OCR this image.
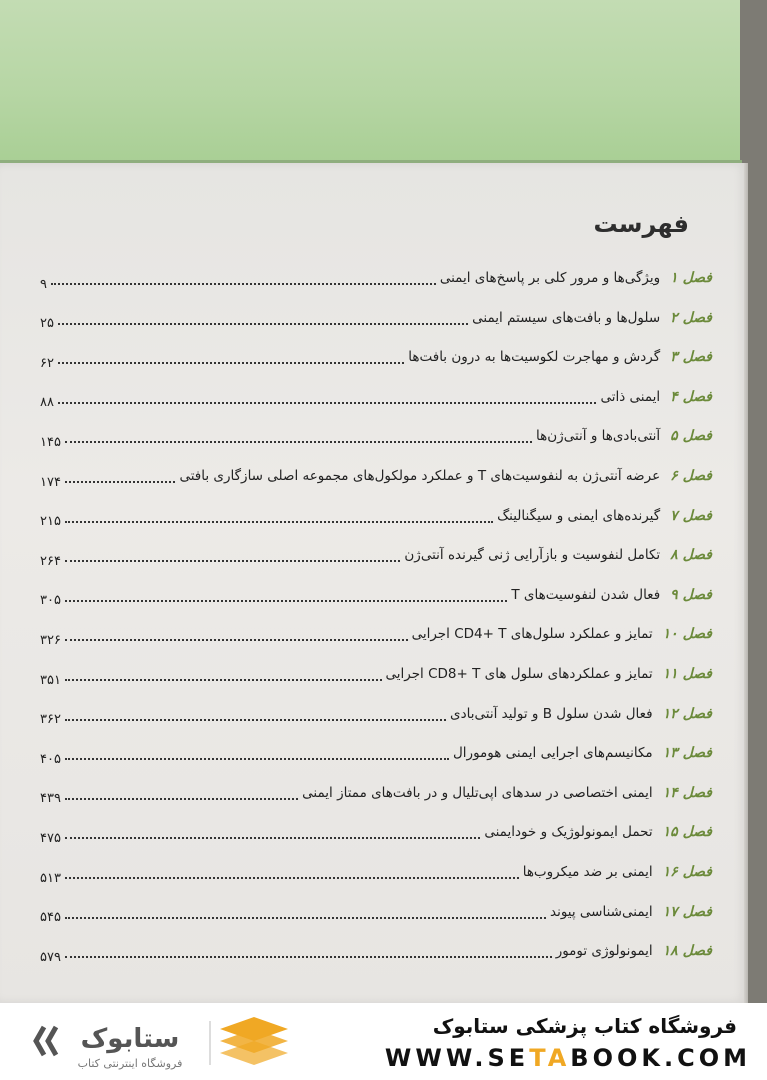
فهرست
فصل ۱
ویژگی‌ها و مرور کلی بر پاسخ‌های ایمنی
۹
فصل ۲
سلول‌ها و بافت‌های سیستم ایمنی
۲۵
فصل ۳
گردش و مهاجرت لکوسیت‌ها به درون بافت‌ها
۶۲
فصل ۴
ایمنی ذاتی
۸۸
فصل ۵
آنتی‌بادی‌ها و آنتی‌ژن‌ها
۱۴۵
فصل ۶
عرضه آنتی‌ژن به لنفوسیت‌های T و عملکرد مولکول‌های مجموعه اصلی سازگاری بافتی
۱۷۴
فصل ۷
گیرنده‌های ایمنی و سیگنالینگ
۲۱۵
فصل ۸
تکامل لنفوسیت و بازآرایی ژنی گیرنده آنتی‌ژن
۲۶۴
فصل ۹
فعال شدن لنفوسیت‌های T
۳۰۵
فصل ۱۰
تمایز و عملکرد سلول‌های CD4+ T اجرایی
۳۲۶
فصل ۱۱
تمایز و عملکردهای سلول های CD8+ T اجرایی
۳۵۱
فصل ۱۲
فعال شدن سلول B و تولید آنتی‌بادی
۳۶۲
فصل ۱۳
مکانیسم‌های اجرایی ایمنی هومورال
۴۰۵
فصل ۱۴
ایمنی اختصاصی در سدهای اپی‌تلیال و در بافت‌های ممتاز ایمنی
۴۳۹
فصل ۱۵
تحمل ایمونولوژیک و خودایمنی
۴۷۵
فصل ۱۶
ایمنی بر ضد میکروب‌ها
۵۱۳
فصل ۱۷
ایمنی‌شناسی پیوند
۵۴۵
فصل ۱۸
ایمونولوژی تومور
۵۷۹
ستابوک
فروشگاه اینترنتی کتاب
فروشگاه کتاب پزشکی ستابوک
WWW.SETABOOK.COM
